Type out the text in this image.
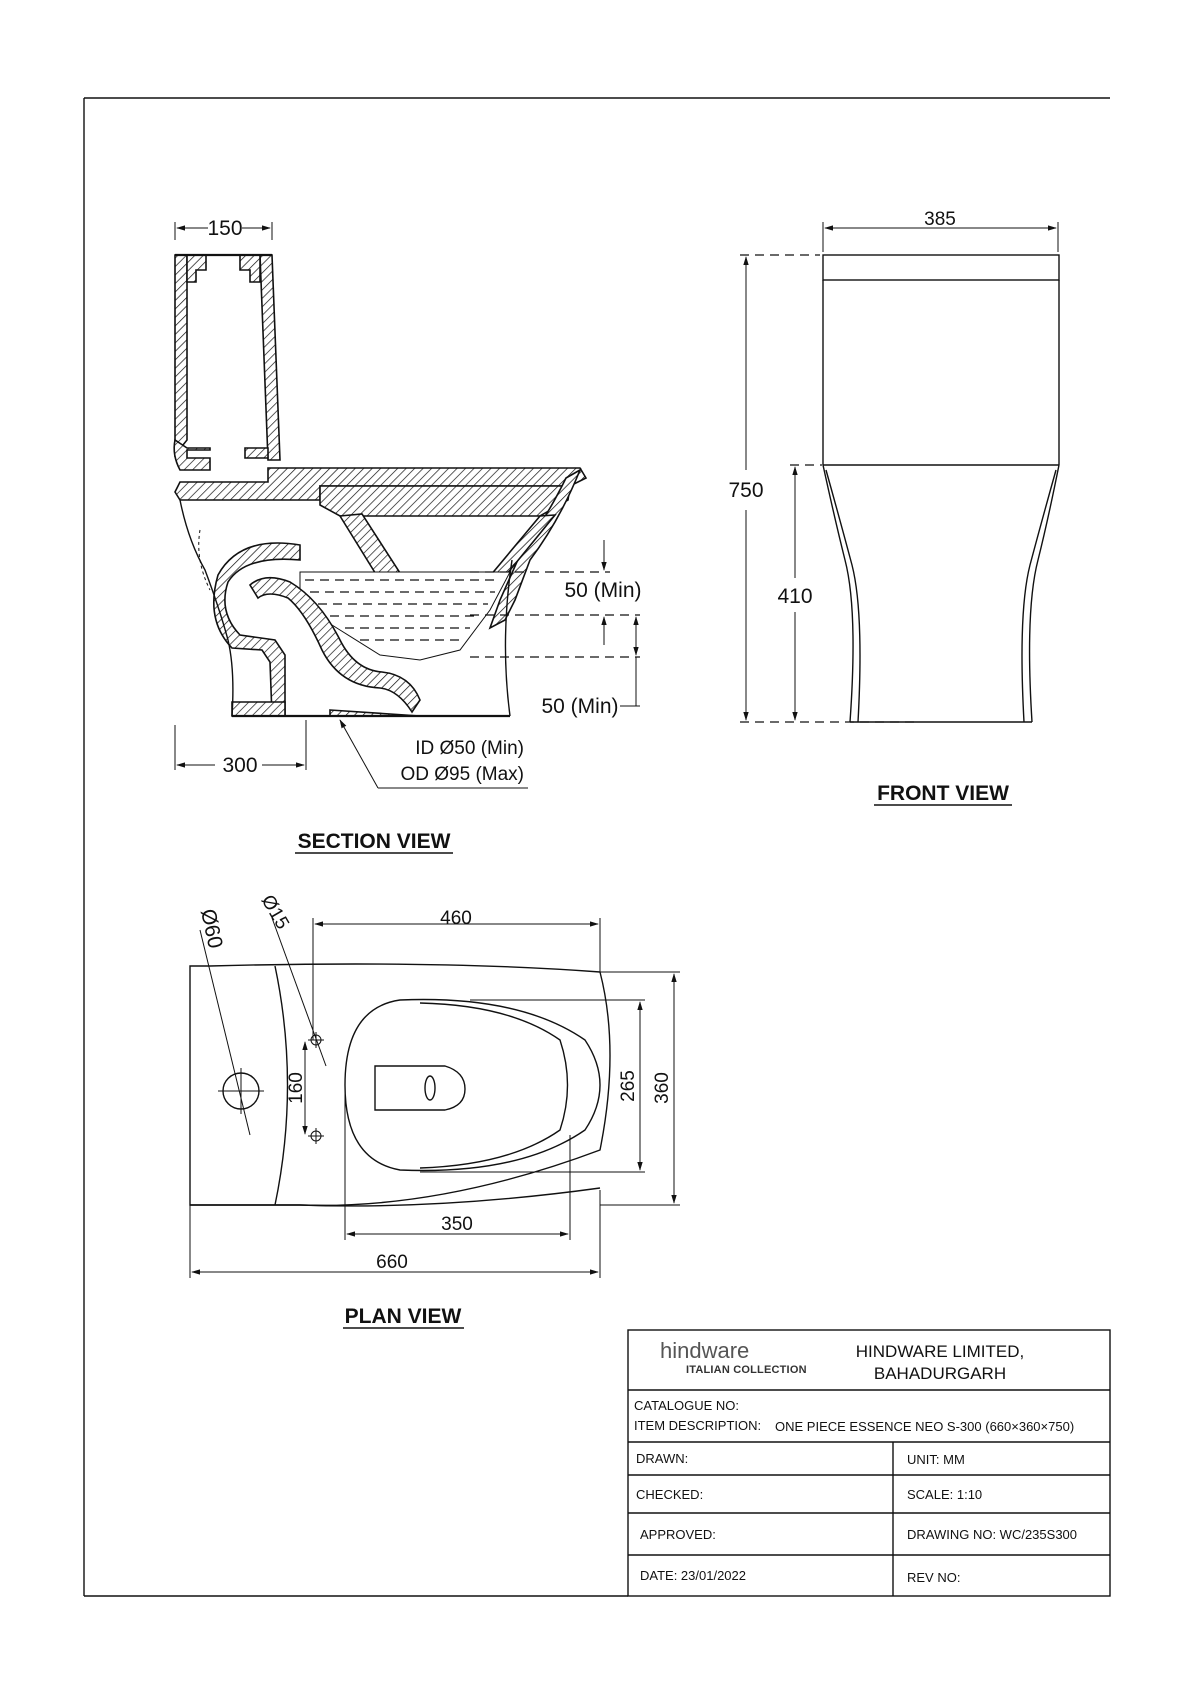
150
50 (Min)
50 (Min)
ID Ø50 (Min)
OD Ø95 (Max)
300
SECTION VIEW
385
750
410
FRONT VIEW
Ø60 Ø15	460
160	265 360
350
660
PLAN VIEW
hindware
ITALIAN COLLECTION
HINDWARE LIMITED,
BAHADURGARH
CATALOGUE NO:
ITEM DESCRIPTION: ONE PIECE ESSENCE NEO S-300 (660×360×750)
DRAWN:	UNIT: MM
CHECKED:	SCALE: 1:10
APPROVED:	DRAWING NO: WC/235S300
DATE: 23/01/2022	REV NO:
